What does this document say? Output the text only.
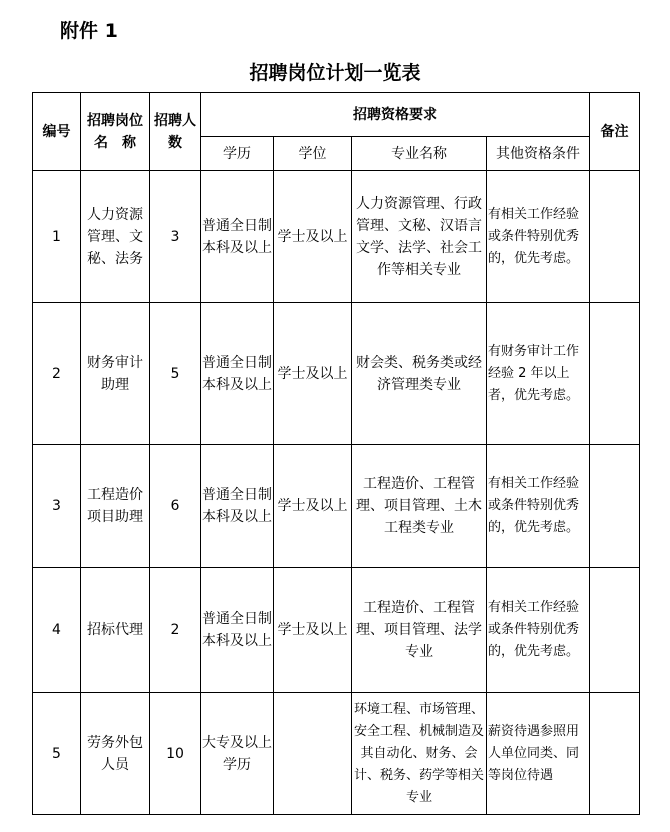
附件 1
招聘岗位计划一览表
编号	招聘岗位名　称	招聘人数	招聘资格要求				备注
			学历	学位	专业名称	其他资格条件	
1	人力资源管理、文秘、法务	3	普通全日制本科及以上	学士及以上	人力资源管理、行政管理、文秘、汉语言文学、法学、社会工作等相关专业	有相关工作经验或条件特别优秀的，优先考虑。	
2	财务审计助理	5	普通全日制本科及以上	学士及以上	财会类、税务类或经济管理类专业	有财务审计工作经验 2 年以上者，优先考虑。	
3	工程造价项目助理	6	普通全日制本科及以上	学士及以上	工程造价、工程管理、项目管理、土木工程类专业	有相关工作经验或条件特别优秀的，优先考虑。	
4	招标代理	2	普通全日制本科及以上	学士及以上	工程造价、工程管理、项目管理、法学专业	有相关工作经验或条件特别优秀的，优先考虑。	
5	劳务外包人员	10	大专及以上学历		环境工程、市场管理、安全工程、机械制造及其自动化、财务、会计、税务、药学等相关专业	薪资待遇参照用人单位同类、同等岗位待遇	
